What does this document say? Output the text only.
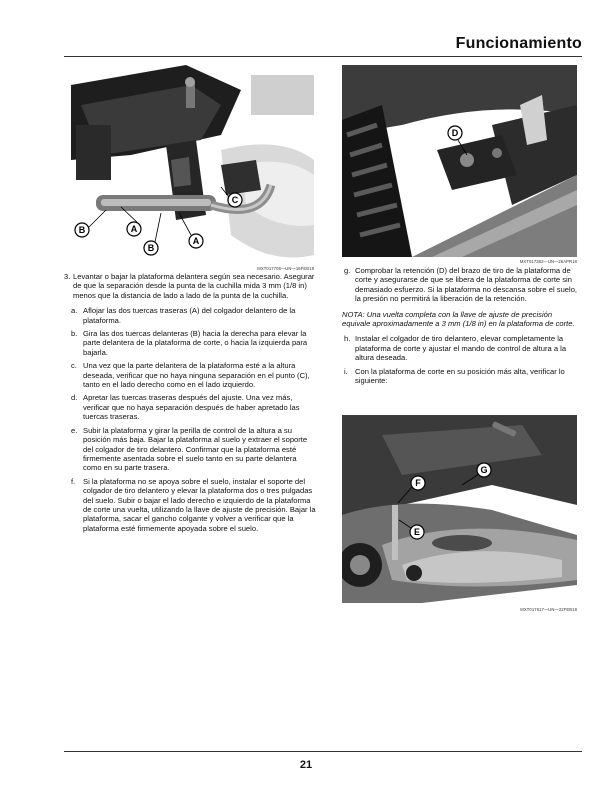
Funcionamiento
A
A
B
B
C
MXT017706—UN—16FEB18
D
MXT017382—UN—26APR18
G
F
E
MXT017617—UN—22FEB18
3. Levantar o bajar la plataforma delantera según sea necesario. Asegurar de que la separación desde la punta de la cuchilla mida 3 mm (1/8 in) menos que la distancia de lado a lado de la punta de la cuchilla.
a. Aflojar las dos tuercas traseras (A) del colgador delantero de la plataforma.
b. Gira las dos tuercas delanteras (B) hacia la derecha para elevar la parte delantera de la plataforma de corte, o hacia la izquierda para bajarla.
c. Una vez que la parte delantera de la plataforma esté a la altura deseada, verificar que no haya ninguna separación en el punto (C), tanto en el lado derecho como en el lado izquierdo.
d. Apretar las tuercas traseras después del ajuste. Una vez más, verificar que no haya separación después de haber apretado las tuercas traseras.
e. Subir la plataforma y girar la perilla de control de la altura a su posición más baja. Bajar la plataforma al suelo y extraer el soporte del colgador de tiro delantero. Confirmar que la plataforma esté firmemente asentada sobre el suelo tanto en su parte delantera como en su parte trasera.
f. Si la plataforma no se apoya sobre el suelo, instalar el soporte del colgador de tiro delantero y elevar la plataforma dos o tres pulgadas del suelo. Subir o bajar el lado derecho e izquierdo de la plataforma de corte una vuelta, utilizando la llave de ajuste de precisión. Bajar la plataforma, sacar el gancho colgante y volver a verificar que la plataforma esté firmemente apoyada sobre el suelo.
g. Comprobar la retención (D) del brazo de tiro de la plataforma de corte y asegurarse de que se libera de la plataforma de corte sin demasiado esfuerzo. Si la plataforma no descansa sobre el suelo, la presión no permitirá la liberación de la retención.
NOTA: Una vuelta completa con la llave de ajuste de precisión equivale aproximadamente a 3 mm (1/8 in) en la plataforma de corte.
h. Instalar el colgador de tiro delantero, elevar completamente la plataforma de corte y ajustar el mando de control de altura a la altura deseada.
i. Con la plataforma de corte en su posición más alta, verificar lo siguiente:
21
